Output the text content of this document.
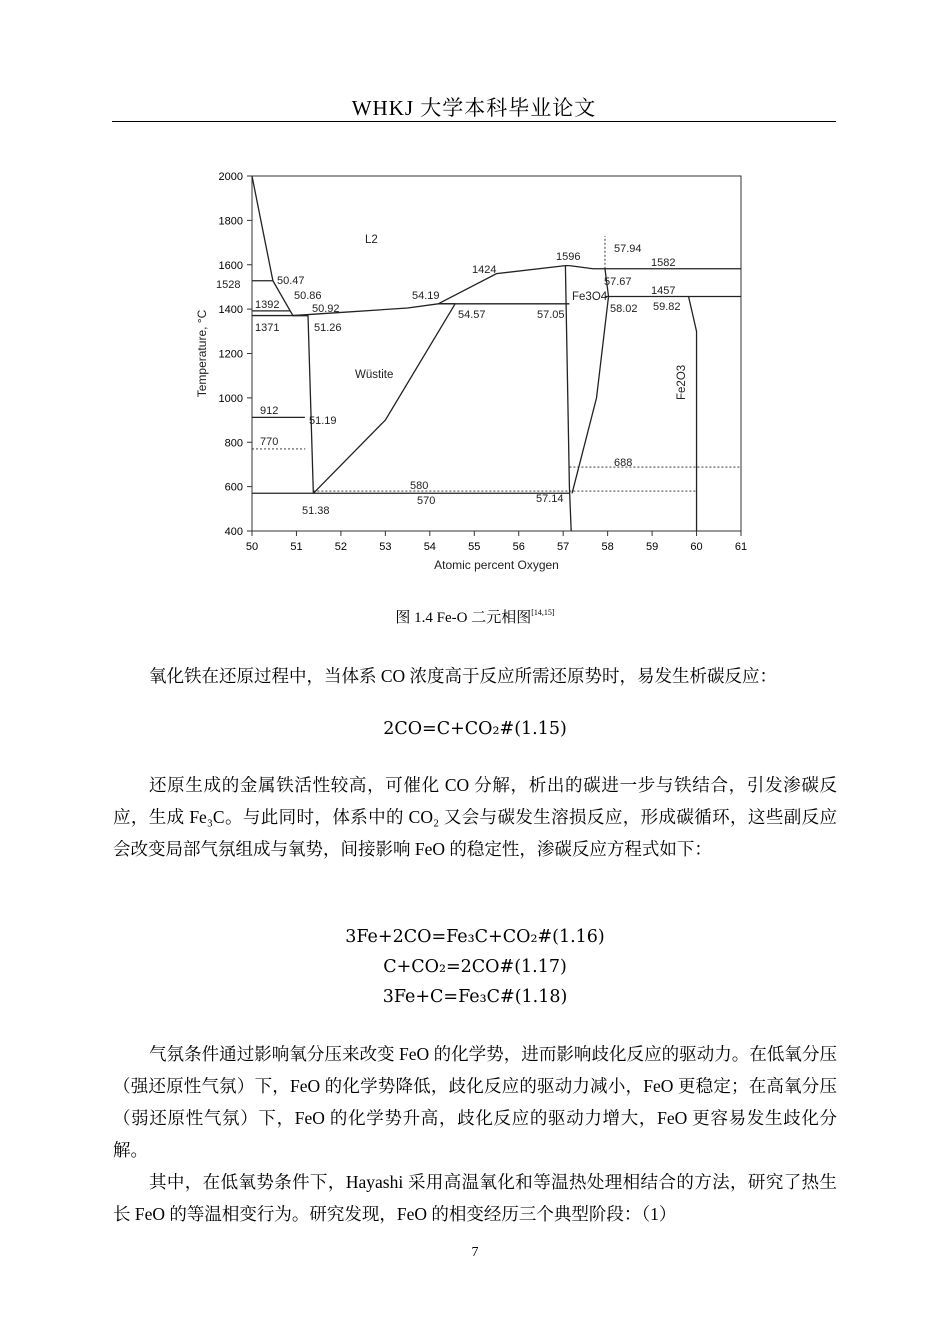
WHKJ 大学本科毕业论文
50	51	52	53	54	55	56	57	58	59	60	61
400
600
800
1000
1200
1400
1600
1800
2000
Atomic percent Oxygen
Temperature, °C
L2
Wüstite
Fe3O4
Fe2O3
50.47
50.86
50.92
51.26
51.19
51.38
54.19
54.57
1424
1596
57.94
1582
57.67
1457
57.05	58.02 59.82
912
770
580
570	57.14
688
1528
1392
1371
图 1.4 Fe-O 二元相图[14,15]

氧化铁在还原过程中，当体系 CO 浓度高于反应所需还原势时，易发生析碳反应：

2CO=C+CO₂#(1.15)

还原生成的金属铁活性较高，可催化 CO 分解，析出的碳进一步与铁结合，引发渗碳反应，生成 Fe₃C。与此同时，体系中的 CO₂ 又会与碳发生溶损反应，形成碳循环，这些副反应会改变局部气氛组成与氧势，间接影响 FeO 的稳定性，渗碳反应方程式如下：

3Fe+2CO=Fe₃C+CO₂#(1.16)
C+CO₂=2CO#(1.17)
3Fe+C=Fe₃C#(1.18)

气氛条件通过影响氧分压来改变 FeO 的化学势，进而影响歧化反应的驱动力。在低氧分压（强还原性气氛）下，FeO 的化学势降低，歧化反应的驱动力减小，FeO 更稳定；在高氧分压（弱还原性气氛）下，FeO 的化学势升高，歧化反应的驱动力增大，FeO 更容易发生歧化分解。

其中，在低氧势条件下，Hayashi 采用高温氧化和等温热处理相结合的方法，研究了热生长 FeO 的等温相变行为。研究发现，FeO 的相变经历三个典型阶段：（1）

7
